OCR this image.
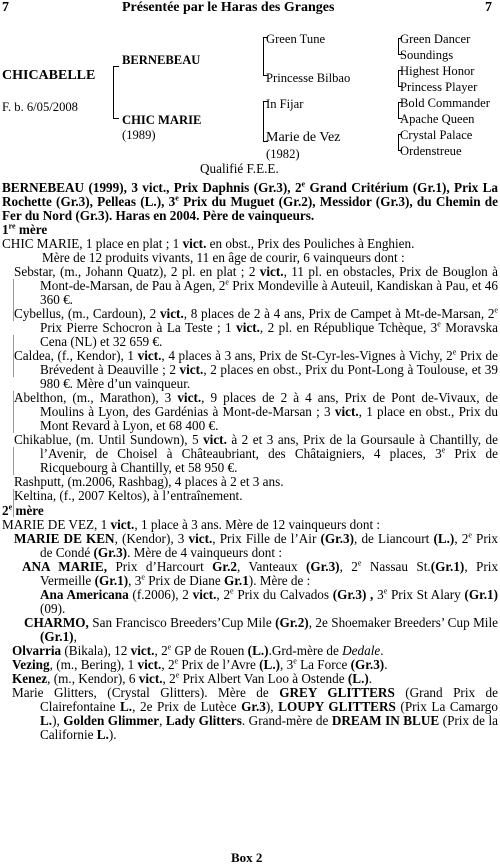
7	Présentée par le Haras des Granges	7
CHICABELLE
F. b. 6/05/2008
BERNEBEAU
CHIC MARIE
(1989)
Green Tune
Princesse Bilbao
In Fijar
Marie de Vez
(1982)
Green Dancer
Soundings
Highest Honor
Princess Player
Bold Commander
Apache Queen
Crystal Palace
Ordenstreue
Qualifié F.E.E.

BERNEBEAU (1999), 3 vict., Prix Daphnis (Gr.3), 2e Grand Critérium (Gr.1), Prix La Rochette (Gr.3), Pelleas (L.), 3e Prix du Muguet (Gr.2), Messidor (Gr.3), du Chemin de Fer du Nord (Gr.3). Haras en 2004. Père de vainqueurs.

1re mère

CHIC MARIE, 1 place en plat ; 1 vict. en obst., Prix des Pouliches à Enghien.

Mère de 12 produits vivants, 11 en âge de courir, 6 vainqueurs dont :

Sebstar, (m., Johann Quatz), 2 pl. en plat ; 2 vict., 11 pl. en obstacles, Prix de Bouglon à Mont-de-Marsan, de Pau à Agen, 2e Prix Mondeville à Auteuil, Kandiskan à Pau, et 46 360 €.

Cybellus, (m., Cardoun), 2 vict., 8 places de 2 à 4 ans, Prix de Campet à Mt-de-Marsan, 2e Prix Pierre Schocron à La Teste ; 1 vict., 2 pl. en République Tchèque, 3e Moravska Cena (NL) et 32 659 €.

Caldea, (f., Kendor), 1 vict., 4 places à 3 ans, Prix de St-Cyr-les-Vignes à Vichy, 2e Prix de Brévedent à Deauville ; 2 vict., 2 places en obst., Prix du Pont-Long à Toulouse, et 39 980 €. Mère d’un vainqueur.

Abelthon, (m., Marathon), 3 vict., 9 places de 2 à 4 ans, Prix de Pont de-Vivaux, de Moulins à Lyon, des Gardénias à Mont-de-Marsan ; 3 vict., 1 place en obst., Prix du Mont Revard à Lyon, et 68 400 €.

Chikablue, (m. Until Sundown), 5 vict. à 2 et 3 ans, Prix de la Goursaule à Chantilly, de l’Avenir, de Choisel à Châteaubriant, des Châtaigniers, 4 places, 3e Prix de Ricquebourg à Chantilly, et 58 950 €.

Rashputt, (m.2006, Rashbag), 4 places à 2 et 3 ans.

Keltina, (f., 2007 Keltos), à l’entraînement.

2e mère

MARIE DE VEZ, 1 vict., 1 place à 3 ans. Mère de 12 vainqueurs dont :

MARIE DE KEN, (Kendor), 3 vict., Prix Fille de l’Air (Gr.3), de Liancourt (L.), 2e Prix de Condé (Gr.3). Mère de 4 vainqueurs dont :

ANA MARIE, Prix d’Harcourt Gr.2, Vanteaux (Gr.3), 2e Nassau St.(Gr.1), Prix Vermeille (Gr.1), 3e Prix de Diane Gr.1). Mère de :

Ana Americana (f.2006), 2 vict., 2e Prix du Calvados (Gr.3) , 3e Prix St Alary (Gr.1) (09).

CHARMO, San Francisco Breeders’Cup Mile (Gr.2), 2e Shoemaker Breeders’ Cup Mile (Gr.1),

Olvarria (Bikala), 12 vict., 2e GP de Rouen (L.).Grd-mère de Dedale.

Vezing, (m., Bering), 1 vict., 2e Prix de l’Avre (L.), 3e La Force (Gr.3).

Kenez, (m., Kendor), 6 vict., 2e Prix Albert Van Loo à Ostende (L.).

Marie Glitters, (Crystal Glitters). Mère de GREY GLITTERS (Grand Prix de Clairefontaine L., 2e Prix de Lutèce Gr.3), LOUPY GLITTERS (Prix La Camargo L.), Golden Glimmer, Lady Glitters. Grand-mère de DREAM IN BLUE (Prix de la Californie L.).

Box 2
